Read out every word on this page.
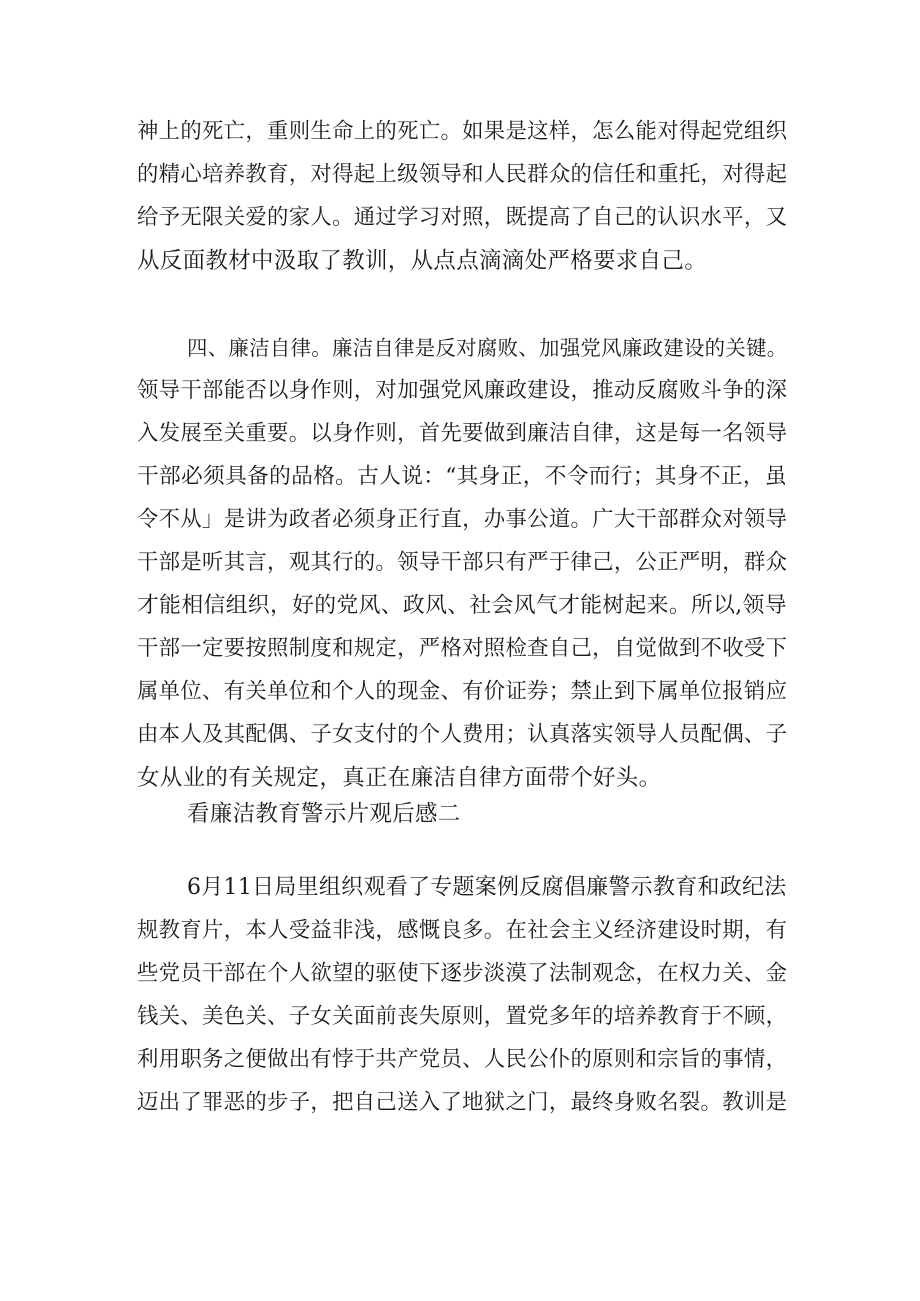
神上的死亡，重则生命上的死亡。如果是这样，怎么能对得起党组织
的精心培养教育，对得起上级领导和人民群众的信任和重托，对得起
给予无限关爱的家人。通过学习对照，既提高了自己的认识水平，又
从反面教材中汲取了教训，从点点滴滴处严格要求自己。
四、廉洁自律。廉洁自律是反对腐败、加强党风廉政建设的关键。
领导干部能否以身作则，对加强党风廉政建设，推动反腐败斗争的深
入发展至关重要。以身作则，首先要做到廉洁自律，这是每一名领导
干部必须具备的品格。古人说：“其身正，不令而行；其身不正，虽
令不从」是讲为政者必须身正行直，办事公道。广大干部群众对领导
干部是听其言，观其行的。领导干部只有严于律己，公正严明，群众
才能相信组织，好的党风、政风、社会风气才能树起来。所以,领导
干部一定要按照制度和规定，严格对照检查自己，自觉做到不收受下
属单位、有关单位和个人的现金、有价证券；禁止到下属单位报销应
由本人及其配偶、子女支付的个人费用；认真落实领导人员配偶、子
女从业的有关规定，真正在廉洁自律方面带个好头。
看廉洁教育警示片观后感二
6月11日局里组织观看了专题案例反腐倡廉警示教育和政纪法
规教育片，本人受益非浅，感慨良多。在社会主义经济建设时期，有
些党员干部在个人欲望的驱使下逐步淡漠了法制观念，在权力关、金
钱关、美色关、子女关面前丧失原则，置党多年的培养教育于不顾，
利用职务之便做出有悖于共产党员、人民公仆的原则和宗旨的事情，
迈出了罪恶的步子，把自己送入了地狱之门，最终身败名裂。教训是
